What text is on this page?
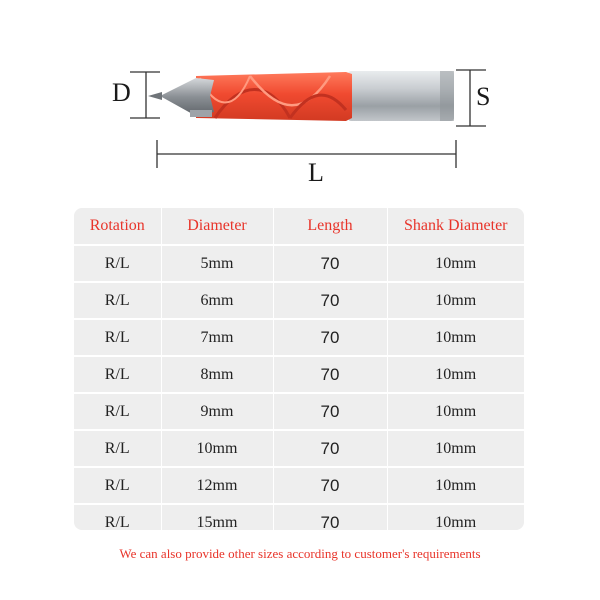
D	S
L
Rotation	Diameter	Length	Shank Diameter
R/L	5mm	70	10mm
R/L	6mm	70	10mm
R/L	7mm	70	10mm
R/L	8mm	70	10mm
R/L	9mm	70	10mm
R/L	10mm	70	10mm
R/L	12mm	70	10mm
R/L	15mm	70	10mm
We can also provide other sizes according to customer's requirements
